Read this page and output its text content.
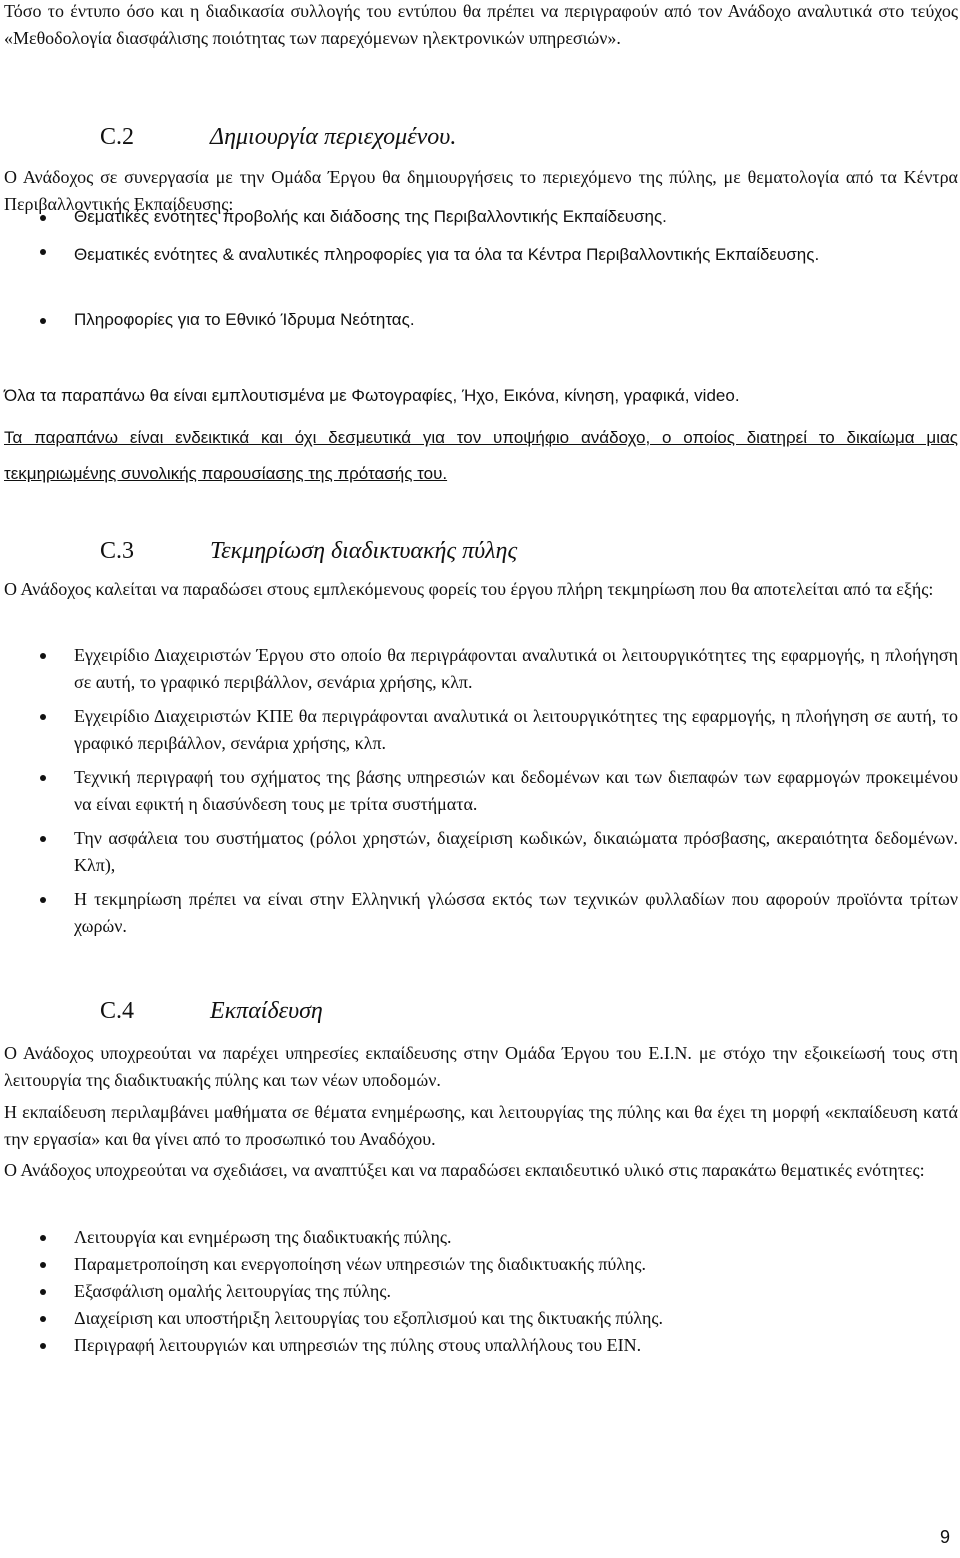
Τόσο το έντυπο όσο και η διαδικασία συλλογής του εντύπου θα πρέπει να περιγραφούν από τον Ανάδοχο αναλυτικά στο τεύχος «Μεθοδολογία διασφάλισης ποιότητας των παρεχόμενων ηλεκτρονικών υπηρεσιών».

C.2	Δημιουργία περιεχομένου.

Ο Ανάδοχος σε συνεργασία με την Ομάδα Έργου θα δημιουργήσεις το περιεχόμενο της πύλης, με θεματολογία από τα Κέντρα Περιβαλλοντικής Εκπαίδευσης:

Θεματικές ενότητες προβολής και διάδοσης της Περιβαλλοντικής Εκπαίδευσης.
Θεματικές ενότητες & αναλυτικές πληροφορίες για τα όλα τα Κέντρα Περιβαλλοντικής Εκπαίδευσης.
Πληροφορίες για το Εθνικό Ίδρυμα Νεότητας.

Όλα τα παραπάνω θα είναι εμπλουτισμένα με Φωτογραφίες, Ήχο, Εικόνα, κίνηση, γραφικά, video.

Τα παραπάνω είναι ενδεικτικά και όχι δεσμευτικά για τον υποψήφιο ανάδοχο, ο οποίος διατηρεί το δικαίωμα μιας τεκμηριωμένης συνολικής παρουσίασης της πρότασής του.

C.3	Τεκμηρίωση διαδικτυακής πύλης

Ο Ανάδοχος καλείται να παραδώσει στους εμπλεκόμενους φορείς του έργου πλήρη τεκμηρίωση που θα αποτελείται από τα εξής:

Εγχειρίδιο Διαχειριστών Έργου στο οποίο θα περιγράφονται αναλυτικά οι λειτουργικότητες της εφαρμογής, η πλοήγηση σε αυτή, το γραφικό περιβάλλον, σενάρια χρήσης, κλπ.
Εγχειρίδιο Διαχειριστών ΚΠΕ θα περιγράφονται αναλυτικά οι λειτουργικότητες της εφαρμογής, η πλοήγηση σε αυτή, το γραφικό περιβάλλον, σενάρια χρήσης, κλπ.
Τεχνική περιγραφή του σχήματος της βάσης υπηρεσιών και δεδομένων και των διεπαφών των εφαρμογών προκειμένου να είναι εφικτή η διασύνδεση τους με τρίτα συστήματα.
Την ασφάλεια του συστήματος (ρόλοι χρηστών, διαχείριση κωδικών, δικαιώματα πρόσβασης, ακεραιότητα δεδομένων. Κλπ),
Η τεκμηρίωση πρέπει να είναι στην Ελληνική γλώσσα εκτός των τεχνικών φυλλαδίων που αφορούν προϊόντα τρίτων χωρών.
C.4	Εκπαίδευση

Ο Ανάδοχος υποχρεούται να παρέχει υπηρεσίες εκπαίδευσης στην Ομάδα Έργου του Ε.Ι.Ν. με στόχο την εξοικείωσή τους στη λειτουργία της διαδικτυακής πύλης και των νέων υποδομών.

Η εκπαίδευση περιλαμβάνει μαθήματα σε θέματα ενημέρωσης, και λειτουργίας της πύλης και θα έχει τη μορφή «εκπαίδευση κατά την εργασία» και θα γίνει από το προσωπικό του Αναδόχου.

Ο Ανάδοχος υποχρεούται να σχεδιάσει, να αναπτύξει και να παραδώσει εκπαιδευτικό υλικό στις παρακάτω θεματικές ενότητες:

Λειτουργία και ενημέρωση της διαδικτυακής πύλης.
Παραμετροποίηση και ενεργοποίηση νέων υπηρεσιών της διαδικτυακής πύλης.
Εξασφάλιση ομαλής λειτουργίας της πύλης.
Διαχείριση και υποστήριξη λειτουργίας του εξοπλισμού και της δικτυακής πύλης.
Περιγραφή λειτουργιών και υπηρεσιών της πύλης στους υπαλλήλους του ΕΙΝ.
9
